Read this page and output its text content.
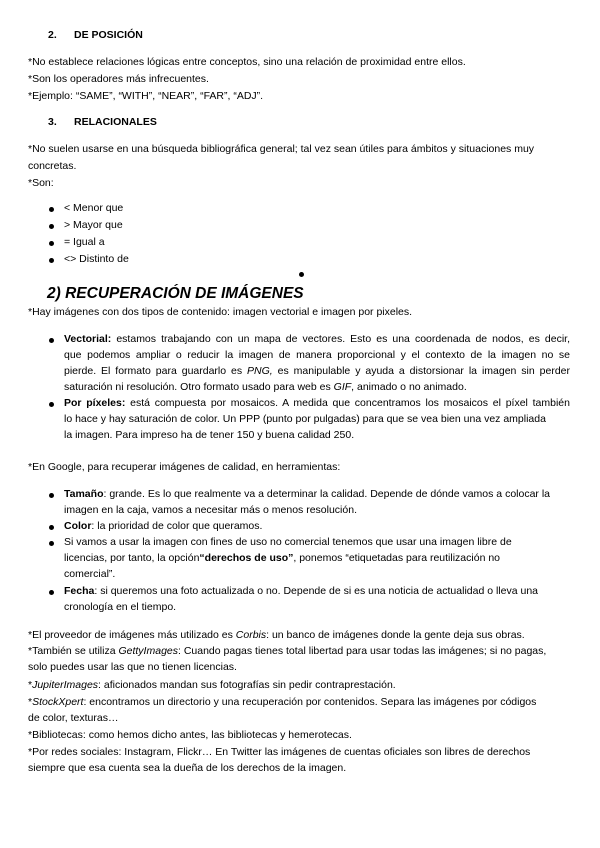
2. DE POSICIÓN
*No establece relaciones lógicas entre conceptos, sino una relación de proximidad entre ellos.
*Son los operadores más infrecuentes.
*Ejemplo: “SAME”, “WITH”, “NEAR”, “FAR”, “ADJ”.
3. RELACIONALES
*No suelen usarse en una búsqueda bibliográfica general; tal vez sean útiles para ámbitos y situaciones muy
concretas.
*Son:
< Menor que
> Mayor que
= Igual a
<> Distinto de
2) RECUPERACIÓN DE IMÁGENES
*Hay imágenes con dos tipos de contenido: imagen vectorial e imagen por pixeles.
Vectorial: estamos trabajando con un mapa de vectores. Esto es una coordenada de nodos, es decir,
que podemos ampliar o reducir la imagen de manera proporcional y el contexto de la imagen no se
pierde. El formato para guardarlo es PNG, es manipulable y ayuda a distorsionar la imagen sin perder
saturación ni resolución. Otro formato usado para web es GIF, animado o no animado.
Por píxeles: está compuesta por mosaicos. A medida que concentramos los mosaicos el píxel también
lo hace y hay saturación de color. Un PPP (punto por pulgadas) para que se vea bien una vez ampliada
la imagen. Para impreso ha de tener 150 y buena calidad 250.
*En Google, para recuperar imágenes de calidad, en herramientas:
Tamaño: grande. Es lo que realmente va a determinar la calidad. Depende de dónde vamos a colocar la
imagen en la caja, vamos a necesitar más o menos resolución.
Color: la prioridad de color que queramos.
Si vamos a usar la imagen con fines de uso no comercial tenemos que usar una imagen libre de
licencias, por tanto, la opción“derechos de uso”, ponemos “etiquetadas para reutilización no
comercial”.
Fecha: si queremos una foto actualizada o no. Depende de si es una noticia de actualidad o lleva una
cronología en el tiempo.
*El proveedor de imágenes más utilizado es Corbis: un banco de imágenes donde la gente deja sus obras.
*También se utiliza GettyImages: Cuando pagas tienes total libertad para usar todas las imágenes; si no pagas,
solo puedes usar las que no tienen licencias.
*JupiterImages: aficionados mandan sus fotografías sin pedir contraprestación.
*StockXpert: encontramos un directorio y una recuperación por contenidos. Separa las imágenes por códigos
de color, texturas…
*Bibliotecas: como hemos dicho antes, las bibliotecas y hemerotecas.
*Por redes sociales: Instagram, Flickr… En Twitter las imágenes de cuentas oficiales son libres de derechos
siempre que esa cuenta sea la dueña de los derechos de la imagen.
